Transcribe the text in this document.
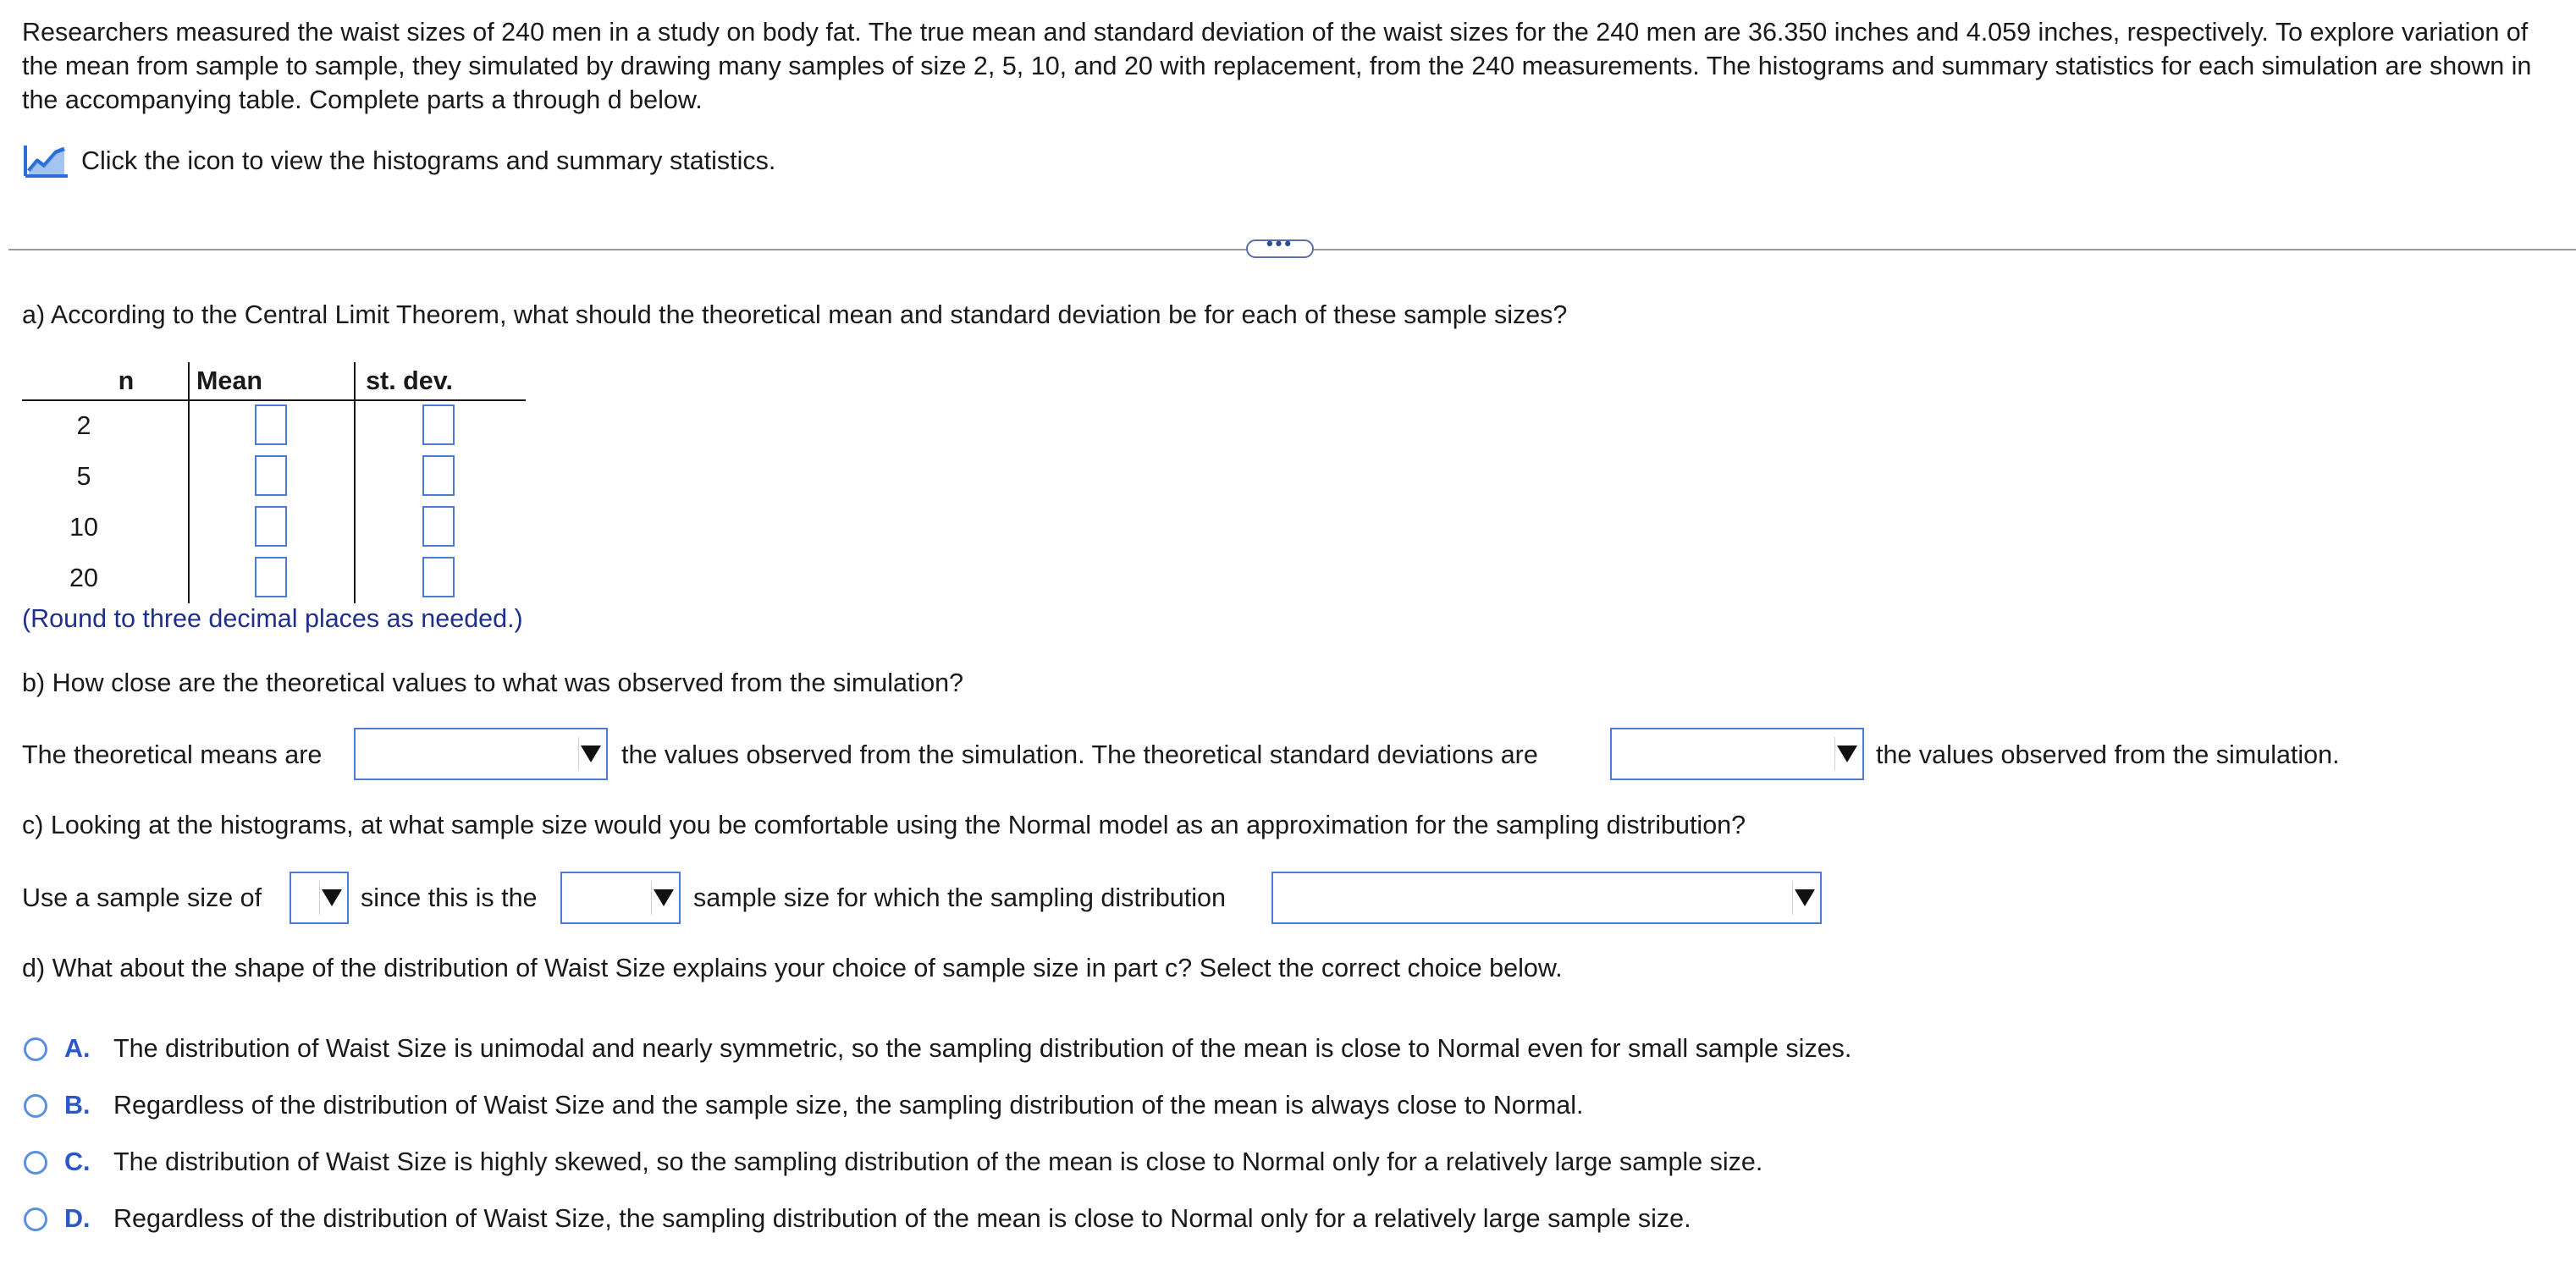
Researchers measured the waist sizes of 240 men in a study on body fat. The true mean and standard deviation of the waist sizes for the 240 men are 36.350 inches and 4.059 inches, respectively. To explore variation of the mean from sample to sample, they simulated by drawing many samples of size 2, 5, 10, and 20 with replacement, from the 240 measurements. The histograms and summary statistics for each simulation are shown in the accompanying table. Complete parts a through d below.
Click the icon to view the histograms and summary statistics.
•••
a) According to the Central Limit Theorem, what should the theoretical mean and standard deviation be for each of these sample sizes?
n	Mean	st. dev.
2
5
10
20
(Round to three decimal places as needed.)
b) How close are the theoretical values to what was observed from the simulation?
The theoretical means are	the values observed from the simulation. The theoretical standard deviations are	the values observed from the simulation.
c) Looking at the histograms, at what sample size would you be comfortable using the Normal model as an approximation for the sampling distribution?
Use a sample size of	since this is the	sample size for which the sampling distribution
d) What about the shape of the distribution of Waist Size explains your choice of sample size in part c? Select the correct choice below.
A. The distribution of Waist Size is unimodal and nearly symmetric, so the sampling distribution of the mean is close to Normal even for small sample sizes.
B. Regardless of the distribution of Waist Size and the sample size, the sampling distribution of the mean is always close to Normal.
C. The distribution of Waist Size is highly skewed, so the sampling distribution of the mean is close to Normal only for a relatively large sample size.
D. Regardless of the distribution of Waist Size, the sampling distribution of the mean is close to Normal only for a relatively large sample size.
